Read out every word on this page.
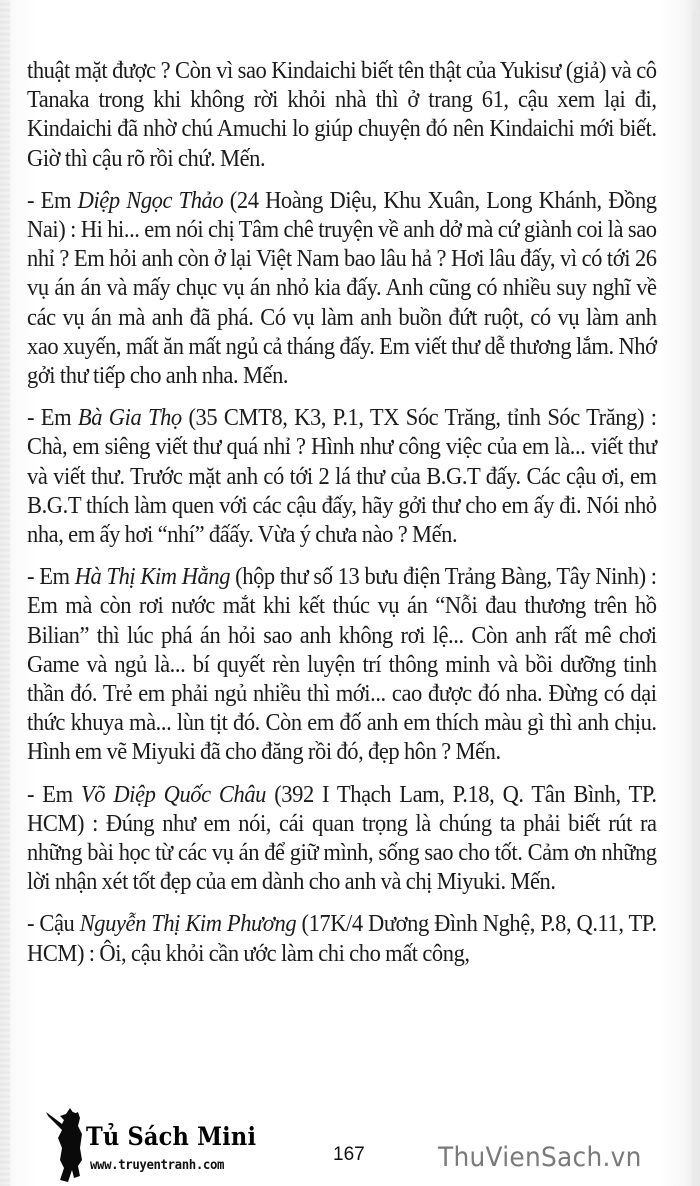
thuật mặt được ? Còn vì sao Kindaichi biết tên thật của Yukisư (giả) và cô Tanaka trong khi không rời khỏi nhà thì ở trang 61, cậu xem lại đi, Kindaichi đã nhờ chú Amuchi lo giúp chuyện đó nên Kindaichi mới biết. Giờ thì cậu rõ rồi chứ. Mến.

- Em Diệp Ngọc Thảo (24 Hoàng Diệu, Khu Xuân, Long Khánh, Đồng Nai) : Hi hi... em nói chị Tâm chê truyện về anh dở mà cứ giành coi là sao nhỉ ? Em hỏi anh còn ở lại Việt Nam bao lâu hả ? Hơi lâu đấy, vì có tới 26 vụ án án và mấy chục vụ án nhỏ kia đấy. Anh cũng có nhiều suy nghĩ về các vụ án mà anh đã phá. Có vụ làm anh buồn đứt ruột, có vụ làm anh xao xuyến, mất ăn mất ngủ cả tháng đấy. Em viết thư dễ thương lắm. Nhớ gởi thư tiếp cho anh nha. Mến.

- Em Bà Gia Thọ (35 CMT8, K3, P.1, TX Sóc Trăng, tỉnh Sóc Trăng) : Chà, em siêng viết thư quá nhỉ ? Hình như công việc của em là... viết thư và viết thư. Trước mặt anh có tới 2 lá thư của B.G.T đấy. Các cậu ơi, em B.G.T thích làm quen với các cậu đấy, hãy gởi thư cho em ấy đi. Nói nhỏ nha, em ấy hơi “nhí” đấấy. Vừa ý chưa nào ? Mến.

- Em Hà Thị Kim Hằng (hộp thư số 13 bưu điện Trảng Bàng, Tây Ninh) : Em mà còn rơi nước mắt khi kết thúc vụ án “Nỗi đau thương trên hồ Bilian” thì lúc phá án hỏi sao anh không rơi lệ... Còn anh rất mê chơi Game và ngủ là... bí quyết rèn luyện trí thông minh và bồi dưỡng tinh thần đó. Trẻ em phải ngủ nhiều thì mới... cao được đó nha. Đừng có dại thức khuya mà... lùn tịt đó. Còn em đố anh em thích màu gì thì anh chịu. Hình em vẽ Miyuki đã cho đăng rồi đó, đẹp hôn ? Mến.

- Em Võ Diệp Quốc Châu (392 I Thạch Lam, P.18, Q. Tân Bình, TP. HCM) : Đúng như em nói, cái quan trọng là chúng ta phải biết rút ra những bài học từ các vụ án để giữ mình, sống sao cho tốt. Cảm ơn những lời nhận xét tốt đẹp của em dành cho anh và chị Miyuki. Mến.

- Cậu Nguyễn Thị Kim Phương (17K/4 Dương Đình Nghệ, P.8, Q.11, TP. HCM) : Ôi, cậu khỏi cần ước làm chi cho mất công,

Tủ Sách Mini
www.truyentranh.com
167	ThuVienSach.vn
